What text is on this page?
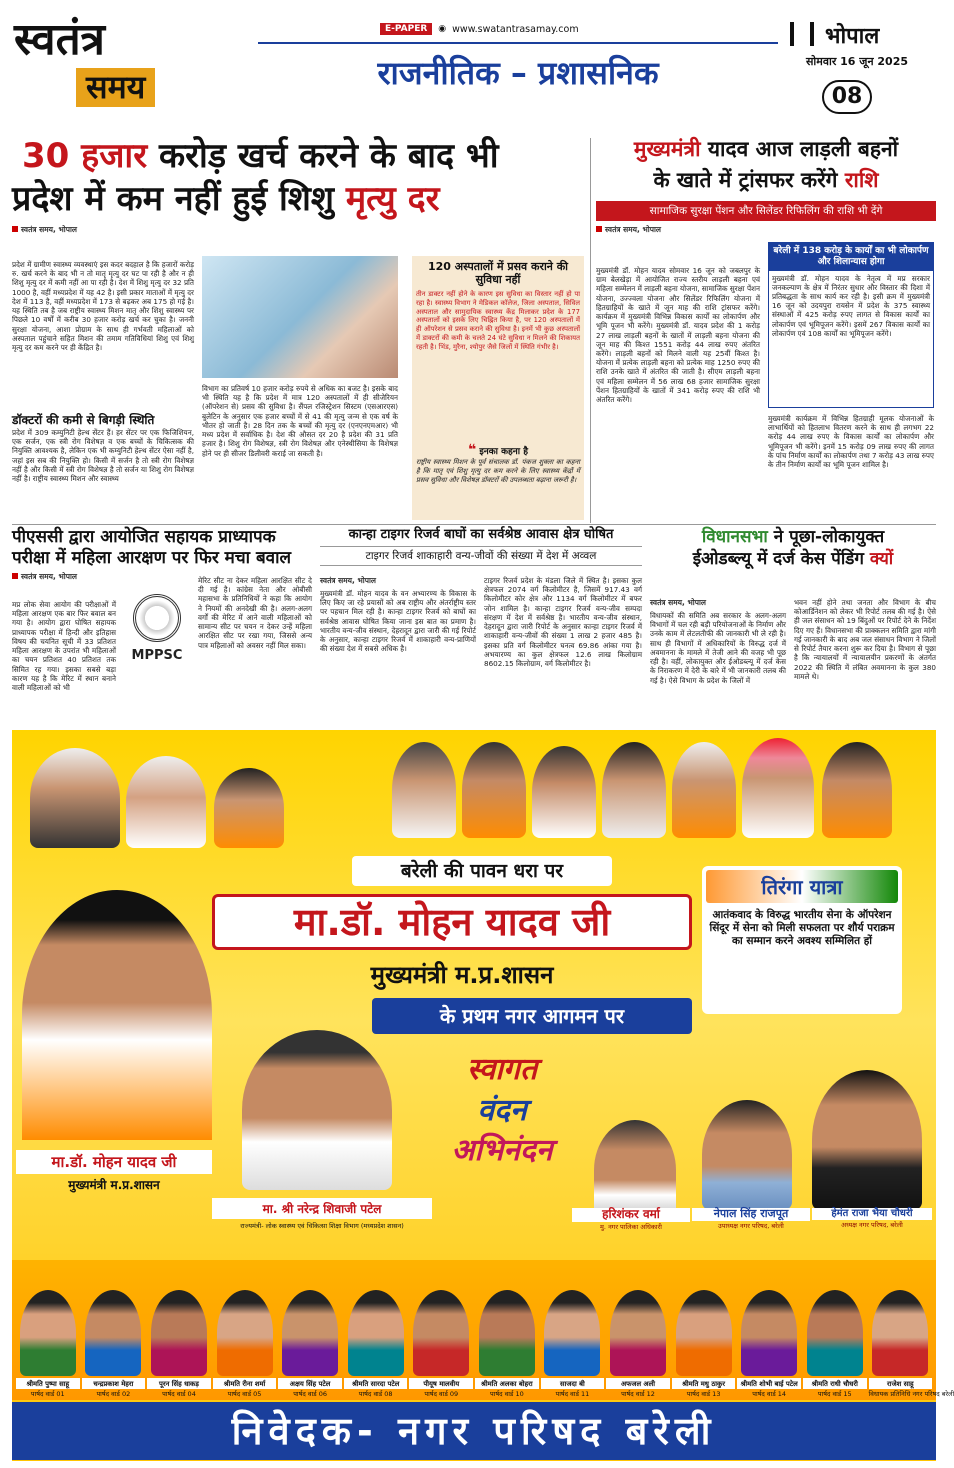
स्वतंत्र
समय
E-PAPER	◉ www.swatantrasamay.com
राजनीतिक – प्रशासनिक
भोपाल
सोमवार 16 जून 2025
08
30 हजार करोड़ खर्च करने के बाद भी
प्रदेश में कम नहीं हुई शिशु मृत्यु दर
स्वतंत्र समय, भोपाल
प्रदेश में ग्रामीण स्वास्थ्य व्यवस्थाएं इस कदर बदहाल है कि हजारों करोड़ रु. खर्च करने के बाद भी न तो मातृ मृत्यु दर घट पा रही है और न ही शिशु मृत्यु दर में कमी नहीं आ पा रही है। देश में शिशु मृत्यु दर 32 प्रति 1000 है, वहीं मध्यप्रदेश में यह 42 है। इसी प्रकार माताओं में मृत्यु दर देश में 113 है, वहीं मध्यप्रदेश में 173 से बढ़कर अब 175 हो गई है। यह स्थिति तब है जब राष्ट्रीय स्वास्थ्य मिशन मातृ और शिशु स्वास्थ्य पर पिछले 10 वर्षों में करीब 30 हजार करोड़ खर्च कर चुका है। जननी सुरक्षा योजना, आशा प्रोग्राम के साथ ही गर्भवती महिलाओं को अस्पताल पहुंचाने सहित मिशन की तमाम गतिविधियां शिशु एवं शिशु मृत्यु दर कम करने पर ही केंद्रित है।
डॉक्टरों की कमी से बिगड़ी स्थिति
प्रदेश में 309 कम्युनिटी हेल्थ सेंटर हैं। हर सेंटर पर एक फिजिशियन, एक सर्जन, एक स्त्री रोग विशेषज्ञ व एक बच्चों के चिकित्सक की नियुक्ति आवश्यक है, लेकिन एक भी कम्युनिटी हेल्थ सेंटर ऐसा नहीं है, जहां इस सब की नियुक्ति हो। किसी में सर्जन है तो स्त्री रोग विशेषज्ञ नहीं है और किसी में स्त्री रोग विशेषज्ञ है तो सर्जन या शिशु रोग विशेषज्ञ नहीं है। राष्ट्रीय स्वास्थ्य मिशन और स्वास्थ्य
विभाग का प्रतिवर्ष 10 हजार करोड़ रुपये से अधिक का बजट है। इसके बाद भी स्थिति यह है कि प्रदेश में मात्र 120 अस्पतालों में ही सीजेरियन (ऑपरेशन से) प्रसव की सुविधा है। सैंपल रजिस्ट्रेशन सिस्टम (एसआरएस) बुलेटिन के अनुसार एक हजार बच्चों में से 41 की मृत्यु जन्म से एक वर्ष के भीतर हो जाती है। 28 दिन तक के बच्चों की मृत्यु दर (एनएनएमआर) भी मध्य प्रदेश में सर्वाधिक है। देश की औसत दर 20 है प्रदेश की 31 प्रति हजार है। शिशु रोग विशेषज्ञ, स्त्री रोग विशेषज्ञ और एनेस्थीसिया के विशेषज्ञ होने पर ही सीजर डिलीवरी कराई जा सकती है।
120 अस्पतालों में प्रसव कराने की सुविधा नहीं
तीन डाक्टर नहीं होने के कारण इस सुविधा का विस्तार नहीं हो पा रहा है। स्वास्थ्य विभाग ने मेडिकल कॉलेज, जिला अस्पताल, सिविल अस्पताल और सामुदायिक स्वास्थ्य केंद्र मिलाकर प्रदेश के 177 अस्पतालों को इसके लिए चिह्नित किया है, पर 120 अस्पतालों में ही ऑपरेशन से प्रसव कराने की सुविधा है। इनमें भी कुछ अस्पतालों में डाक्टरों की कमी के चलते 24 घंटे सुविधा न मिलने की शिकायत रहती है। भिंड, मुरैना, श्योपुर जैसे जिलों में स्थिति गंभीर है।
❝ इनका कहना है
राष्ट्रीय स्वास्थ्य मिशन के पूर्व संचालक डॉ. पंकज शुक्ला का कहना है कि मातृ एवं शिशु मृत्यु दर कम करने के लिए स्वास्थ्य केंद्रों में प्रसव सुविधा और विशेषज्ञ डॉक्टरों की उपलब्धता बढ़ाना जरूरी है।
मुख्यमंत्री यादव आज लाड़ली बहनों
के खाते में ट्रांसफर करेंगे राशि
सामाजिक सुरक्षा पेंशन और सिलेंडर रिफिलिंग की राशि भी देंगे
स्वतंत्र समय, भोपाल
मुख्यमंत्री डॉ. मोहन यादव सोमवार 16 जून को जबलपुर के ग्राम बेलखेड़ा में आयोजित राज्य स्तरीय लाड़ली बहना एवं महिला सम्मेलन में लाड़ली बहना योजना, सामाजिक सुरक्षा पेंशन योजना, उज्ज्वला योजना और सिलेंडर रिफिलिंग योजना में हितग्राहियों के खाते में जून माह की राशि ट्रांसफर करेंगे। कार्यक्रम में मुख्यमंत्री विभिन्न विकास कार्यों का लोकार्पण और भूमि पूजन भी करेंगे। मुख्यमंत्री डॉ. यादव प्रदेश की 1 करोड़ 27 लाख लाड़ली बहनों के खातों में लाड़ली बहना योजना की जून माह की किश्त 1551 करोड़ 44 लाख रुपए अंतरित करेंगे। लाड़ली बहनों को मिलने वाली यह 25वीं किश्त है। योजना में प्रत्येक लाड़ली बहना को प्रत्येक माह 1250 रुपए की राशि उनके खाते में अंतरित की जाती है। सीएम लाड़ली बहना एवं महिला सम्मेलन में 56 लाख 68 हजार सामाजिक सुरक्षा पेंशन हितग्राहियों के खातों में 341 करोड़ रुपए की राशि भी अंतरित करेंगे।
बरेली में 138 करोड़ के कार्यों का भी लोकार्पण और शिलान्यास होगा
मुख्यमंत्री डॉ. मोहन यादव के नेतृत्व में मप्र सरकार जनकल्याण के क्षेत्र में निरंतर सुधार और विस्तार की दिशा में प्रतिबद्धता के साथ कार्य कर रही है। इसी क्रम में मुख्यमंत्री 16 जून को उदयपुरा रायसेन में प्रदेश के 375 स्वास्थ्य संस्थाओं में 425 करोड़ रुपए लागत से विकास कार्यों का लोकार्पण एवं भूमिपूजन करेंगे। इसमें 267 विकास कार्यों का लोकार्पण एवं 108 कार्यों का भूमिपूजन करेंगे।
मुख्यमंत्री कार्यक्रम में विभिन्न हितग्राही मूलक योजनाओं के लाभार्थियों को हितलाभ वितरण करने के साथ ही लगभग 22 करोड़ 44 लाख रुपए के विकास कार्यों का लोकार्पण और भूमिपूजन भी करेंगे। इनमें 15 करोड़ 09 लाख रुपए की लागत के पांच निर्माण कार्यों का लोकार्पण तथा 7 करोड़ 43 लाख रुपए के तीन निर्माण कार्यों का भूमि पूजन शामिल है।
पीएससी द्वारा आयोजित सहायक प्राध्यापक
परीक्षा में महिला आरक्षण पर फिर मचा बवाल
स्वतंत्र समय, भोपाल
मप्र लोक सेवा आयोग की परीक्षाओं में महिला आरक्षण एक बार फिर बवाल बन गया है। आयोग द्वारा घोषित सहायक प्राध्यापक परीक्षा में हिन्दी और इतिहास विषय की चयनित सूची में 33 प्रतिशत महिला आरक्षण के उपरांत भी महिलाओं का चयन प्रतिशत 40 प्रतिशत तक सिमित रह गया। इसका सबसे बड़ा कारण यह है कि मेरिट में स्थान बनाने वाली महिलाओं को भी
MPPSC
मेरिट सीट ना देकर महिला आरक्षित सीट दे दी गई है। कांग्रेस नेता और ओबीसी महासभा के प्रतिनिधियों ने कहा कि आयोग ने नियमों की अनदेखी की है। अलग-अलग वर्गों की मेरिट में आने वाली महिलाओं को सामान्य सीट पर चयन न देकर उन्हें महिला आरक्षित सीट पर रखा गया, जिससे अन्य पात्र महिलाओं को अवसर नहीं मिल सका।
कान्हा टाइगर रिजर्व बाघों का सर्वश्रेष्ठ आवास क्षेत्र घोषित
टाइगर रिजर्व शाकाहारी वन्य-जीवों की संख्या में देश में अव्वल
स्वतंत्र समय, भोपाल
मुख्यमंत्री डॉ. मोहन यादव के वन अभ्यारण्य के विकास के लिए किए जा रहे प्रयासों को अब राष्ट्रीय और अंतर्राष्ट्रीय स्तर पर पहचान मिल रही है। कान्हा टाइगर रिजर्व को बाघों का सर्वश्रेष्ठ आवास घोषित किया जाना इस बात का प्रमाण है। भारतीय वन्य-जीव संस्थान, देहरादून द्वारा जारी की गई रिपोर्ट के अनुसार, कान्हा टाइगर रिजर्व में शाकाहारी वन्य-प्राणियों की संख्या देश में सबसे अधिक है।
टाइगर रिजर्व प्रदेश के मंडला जिले में स्थित है। इसका कुल क्षेत्रफल 2074 वर्ग किलोमीटर है, जिसमें 917.43 वर्ग किलोमीटर कोर क्षेत्र और 1134 वर्ग किलोमीटर में बफर जोन शामिल है। कान्हा टाइगर रिजर्व वन्य-जीव सम्पदा संरक्षण में देश में सर्वश्रेष्ठ है। भारतीय वन्य-जीव संस्थान, देहरादून द्वारा जारी रिपोर्ट के अनुसार कान्हा टाइगर रिजर्व में शाकाहारी वन्य-जीवों की संख्या 1 लाख 2 हजार 485 है। इसका प्रति वर्ग किलोमीटर घनत्व 69.86 आंका गया है। अभयारण्य का कुल क्षेत्रफल 12.6 लाख किलोग्राम 8602.15 किलोग्राम, वर्ग किलोमीटर है।
विधानसभा ने पूछा-लोकायुक्त
ईओडब्ल्यू में दर्ज केस पेंडिंग क्यों
स्वतंत्र समय, भोपाल
विधायकों की समिति अब सरकार के अलग-अलग विभागों में चल रही बड़ी परियोजनाओं के निर्माण और उनके काम में लेटलतीफी की जानकारी भी ले रही है। साथ ही विभागों में अधिकारियों के विरुद्ध दर्ज में अवमानना के मामले में तेजी आने की वजह भी पूछ रही है। वहीं, लोकायुक्त और ईओडब्ल्यू में दर्ज केस के निराकरण में देरी के बारे में भी जानकारी तलब की गई है। ऐसे विभाग के प्रदेश के जिलों में
भवन नहीं होने तथा जनता और विभाग के बीच कोआर्डिनेशन को लेकर भी रिपोर्ट तलब की गई है। ऐसे ही जल संसाधन को 19 बिंदुओं पर रिपोर्ट देने के निर्देश दिए गए हैं। विधानसभा की प्राक्कलन समिति द्वारा मांगी गई जानकारी के बाद अब जल संसाधन विभाग ने जिलों से रिपोर्ट तैयार करना शुरू कर दिया है। विभाग से पूछा है कि न्यायालयों में न्यायालयीन प्रकरणों के अंतर्गत 2022 की स्थिति में लंबित अवमानना के कुल 380 मामले थे।
बरेली की पावन धरा पर
मा.डॉ. मोहन यादव जी
मुख्यमंत्री म.प्र.शासन
के प्रथम नगर आगमन पर
स्वागत
वंदन
अभिनंदन
तिरंगा यात्रा
आतंकवाद के विरुद्ध भारतीय सेना के ऑपरेशन सिंदूर में सेना को मिली सफलता पर शौर्य पराक्रम का सम्मान करने अवश्य सम्मिलित हों
मा.डॉ. मोहन यादव जी
मुख्यमंत्री म.प्र.शासन
मा. श्री नरेन्द्र शिवाजी पटेल
राज्यमंत्री- लोक स्वास्थ्य एवं चिकित्सा शिक्षा विभाग (मध्यप्रदेश शासन)
हरिशंकर वर्मा
मु. नगर पालिका अधिकारी
नेपाल सिंह राजपूत
उपाध्यक्ष नगर परिषद, बरेली
हेमंत राजा भैया चौधरी
अध्यक्ष नगर परिषद, बरेली
श्रीमति पुष्पा साहू
पार्षद वार्ड 01
चन्द्रप्रकाश मेहरा
पार्षद वार्ड 02
पूरन सिंह धाकड़
पार्षद वार्ड 04
श्रीमति रीना शर्मा
पार्षद वार्ड 05
अक्षय सिंह पटेल
पार्षद वार्ड 06
श्रीमति सारदा पटेल
पार्षद वार्ड 08
पीयूष मालवीय
पार्षद वार्ड 09
श्रीमति अलका बोहरा
पार्षद वार्ड 10
साजदा बी
पार्षद वार्ड 11
अफजल अली
पार्षद वार्ड 12
श्रीमति मधु ठाकुर
पार्षद वार्ड 13
श्रीमति शोभी बाई पटेल
पार्षद वार्ड 14
श्रीमति राधी चौधरी
पार्षद वार्ड 15
राजेश साहू
विधायक प्रतिनिधि नगर परिषद बरेली
निवेदक- नगर परिषद बरेली
